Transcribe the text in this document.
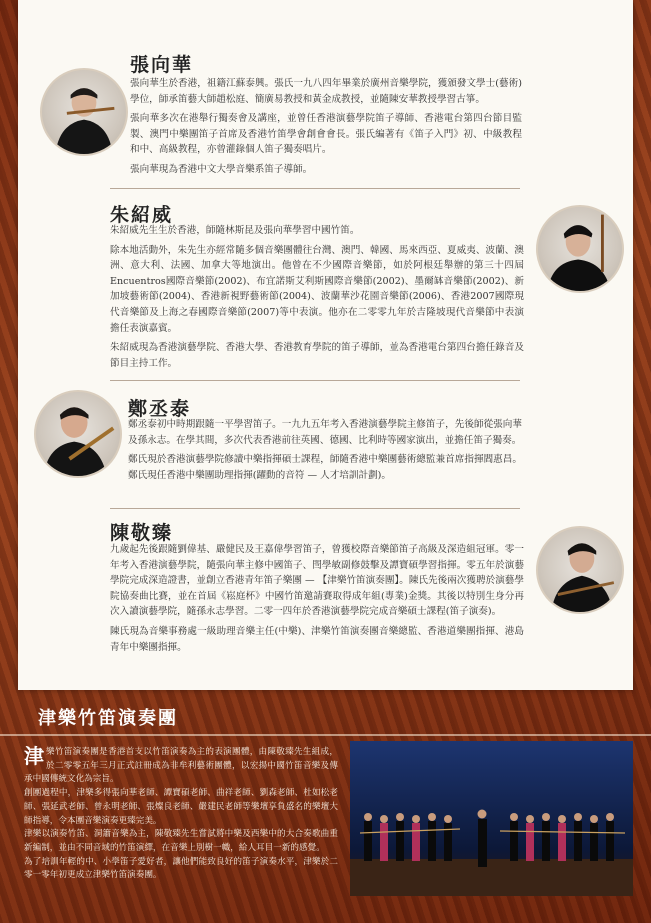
張向華

張向華生於香港，祖籍江蘇泰興。張氏一九八四年畢業於廣州音樂學院，獲頒發文學士(藝術)學位，師承笛藝大師趙松庭、簡廣易教授和黃金成教授，並隨陳安華教授學習古箏。

張向華多次在港舉行獨奏會及講座，並曾任香港演藝學院笛子導師、香港電台第四台節目監製、澳門中樂團笛子首席及香港竹笛學會創會會長。張氏編著有《笛子入門》初、中級教程和中、高級教程，亦曾灌錄個人笛子獨奏唱片。

張向華現為香港中文大學音樂系笛子導師。

朱紹威

朱紹威先生生於香港，師隨林斯昆及張向華學習中國竹笛。

除本地活動外，朱先生亦經常隨多個音樂團體往台灣、澳門、韓國、馬來西亞、夏威夷、波蘭、澳洲、意大利、法國、加拿大等地演出。他曾在不少國際音樂節，如於阿根廷舉辦的第三十四屆Encuentros國際音樂節(2002)、布宜諾斯艾利斯國際音樂節(2002)、墨爾缽音樂節(2002)、新加坡藝術節(2004)、香港新視野藝術節(2004)、波蘭華沙花園音樂節(2006)、香港2007國際現代音樂節及上海之春國際音樂節(2007)等中表演。他亦在二零零九年於吉隆坡現代音樂節中表演擔任表演嘉賓。

朱紹威現為香港演藝學院、香港大學、香港教育學院的笛子導師，並為香港電台第四台擔任錄音及節目主持工作。

鄭丞泰

鄭丞泰初中時期跟隨一平學習笛子。一九九五年考入香港演藝學院主修笛子，先後師從張向華及孫永志。在學其間，多次代表香港前往英國、德國、比利時等國家演出，並擔任笛子獨奏。

鄭氏現於香港演藝學院修讀中樂指揮碩士課程，師隨香港中樂團藝術總監兼首席指揮閻惠昌。鄭氏現任香港中樂團助理指揮(躍動的音符 — 人才培訓計劃)。

陳敬臻

九歲起先後跟隨劉偉基、嚴健民及王嘉偉學習笛子，曾獲校際音樂節笛子高級及深造組冠軍。零一年考入香港演藝學院，隨張向華主修中國笛子、閆學敏副修鼓擊及譚寶碩學習指揮。零五年於演藝學院完成深造證書，並創立香港青年笛子樂團 — 【津樂竹笛演奏團】。陳氏先後兩次獲聘於演藝學院協奏曲比賽，並在首屆《崧庭杯》中國竹笛邀請賽取得成年組(專業)金獎。其後以特別生身分再次入讀演藝學院，隨孫永志學習。二零一四年於香港演藝學院完成音樂碩士課程(笛子演奏)。

陳氏現為音樂事務處一級助理音樂主任(中樂)、津樂竹笛演奏團音樂總監、香港道樂團指揮、港島青年中樂團指揮。

津樂竹笛演奏團
津 樂竹笛演奏團是香港首支以竹笛演奏為主的表演團體，由陳敬臻先生組成，於二零零五年三月正式註冊成為非牟利藝術團體，以宏揚中國竹笛音樂及傳承中國傳統文化為宗旨。
創團過程中，津樂多得張向華老師、譚寶碩老師、曲祥老師、劉森老師、杜如松老師、張延武老師、曾永明老師、張燦良老師、嚴建民老師等樂壇享負盛名的樂壇大師指導，令本團音樂演奏更臻完美。
津樂以演奏竹笛、洞簫音樂為主，陳敬臻先生嘗試將中樂及西樂中的大合奏歌曲重新編制，並由不同音域的竹笛演繹，在音樂上別樹一幟，給人耳目一新的感覺。
為了培訓年輕的中、小學笛子愛好者，讓他們能致良好的笛子演奏水平，津樂於二零一零年初更成立津樂竹笛演奏團。
